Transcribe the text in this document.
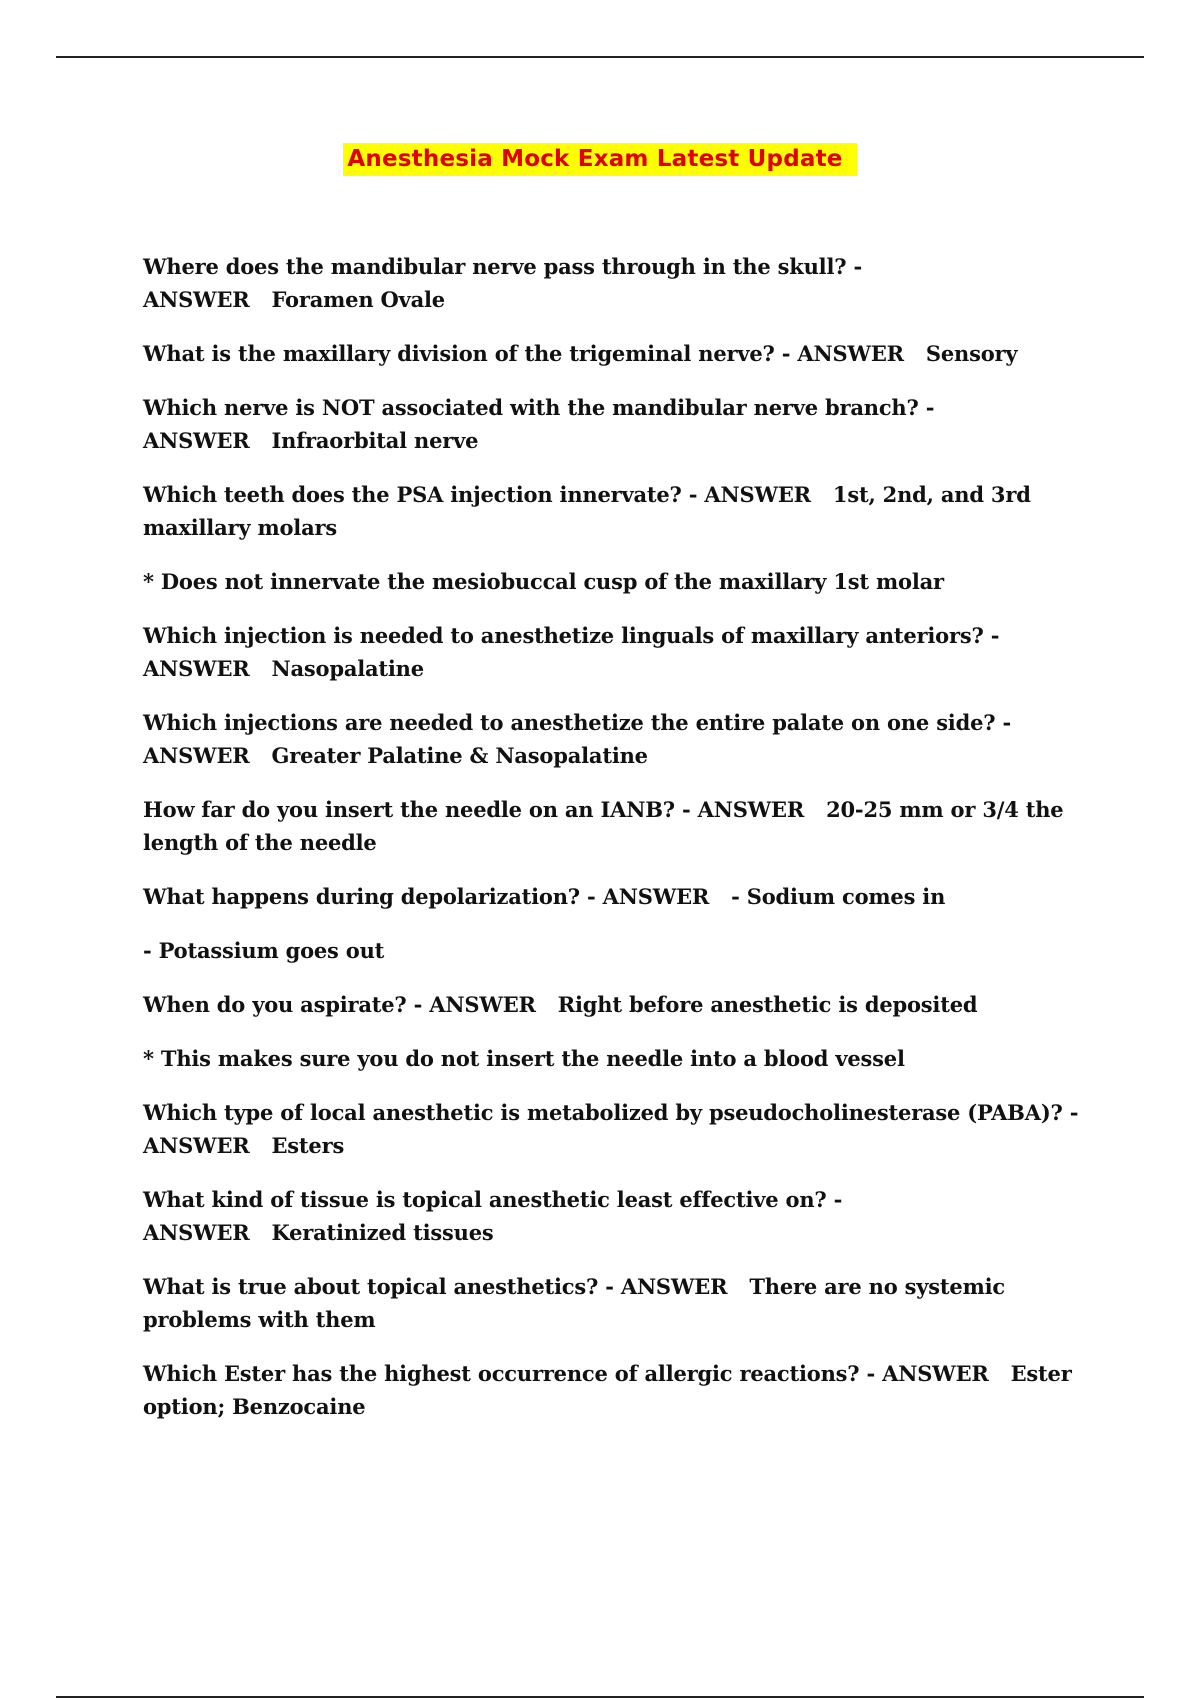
Anesthesia Mock Exam Latest Update

Where does the mandibular nerve pass through in the skull? - ANSWER Foramen Ovale

What is the maxillary division of the trigeminal nerve? - ANSWER Sensory

Which nerve is NOT associated with the mandibular nerve branch? - ANSWER Infraorbital nerve

Which teeth does the PSA injection innervate? - ANSWER 1st, 2nd, and 3rd maxillary molars

* Does not innervate the mesiobuccal cusp of the maxillary 1st molar

Which injection is needed to anesthetize linguals of maxillary anteriors? - ANSWER Nasopalatine

Which injections are needed to anesthetize the entire palate on one side? - ANSWER Greater Palatine & Nasopalatine

How far do you insert the needle on an IANB? - ANSWER 20-25 mm or 3/4 the length of the needle

What happens during depolarization? - ANSWER - Sodium comes in

- Potassium goes out

When do you aspirate? - ANSWER Right before anesthetic is deposited

* This makes sure you do not insert the needle into a blood vessel

Which type of local anesthetic is metabolized by pseudocholinesterase (PABA)? - ANSWER Esters

What kind of tissue is topical anesthetic least effective on? - ANSWER Keratinized tissues

What is true about topical anesthetics? - ANSWER There are no systemic problems with them

Which Ester has the highest occurrence of allergic reactions? - ANSWER Ester option; Benzocaine
